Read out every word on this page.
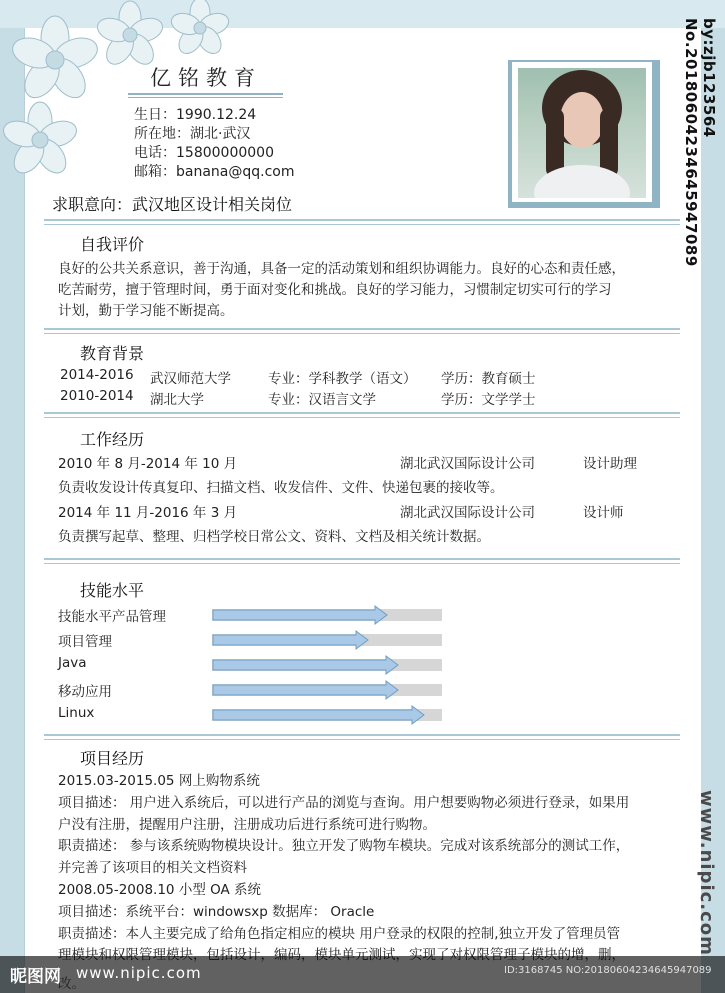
亿铭教育
生日：1990.12.24
所在地：湖北·武汉
电话：15800000000
邮箱：banana@qq.com
求职意向：武汉地区设计相关岗位
自我评价
良好的公共关系意识，善于沟通，具备一定的活动策划和组织协调能力。良好的心态和责任感，
吃苦耐劳，擅于管理时间，勇于面对变化和挑战。良好的学习能力，习惯制定切实可行的学习
计划，勤于学习能不断提高。
教育背景
2014-2016 武汉师范大学	专业：学科教学（语文） 学历：教育硕士
2010-2014 湖北大学	专业：汉语言文学	学历：文学学士
工作经历
2010 年 8 月-2014 年 10 月	湖北武汉国际设计公司	设计助理
负责收发设计传真复印、扫描文档、收发信件、文件、快递包裹的接收等。
2014 年 11 月-2016 年 3 月	湖北武汉国际设计公司	设计师
负责撰写起草、整理、归档学校日常公文、资料、文档及相关统计数据。
技能水平
技能水平产品管理
项目管理
Java
移动应用
Linux
项目经历
2015.03-2015.05 网上购物系统
项目描述： 用户进入系统后，可以进行产品的浏览与查询。用户想要购物必须进行登录，如果用
户没有注册，提醒用户注册，注册成功后进行系统可进行购物。
职责描述： 参与该系统购物模块设计。独立开发了购物车模块。完成对该系统部分的测试工作，
并完善了该项目的相关文档资料
2008.05-2008.10 小型 OA 系统
项目描述：系统平台：windowsxp 数据库： Oracle
职责描述：本人主要完成了给角色指定相应的模块 用户登录的权限的控制,独立开发了管理员管
by:zjb123564 No.20180604234645947089
www.nipic.com
改。
昵图网 www.nipic.com	ID:3168745 NO:20180604234645947089
